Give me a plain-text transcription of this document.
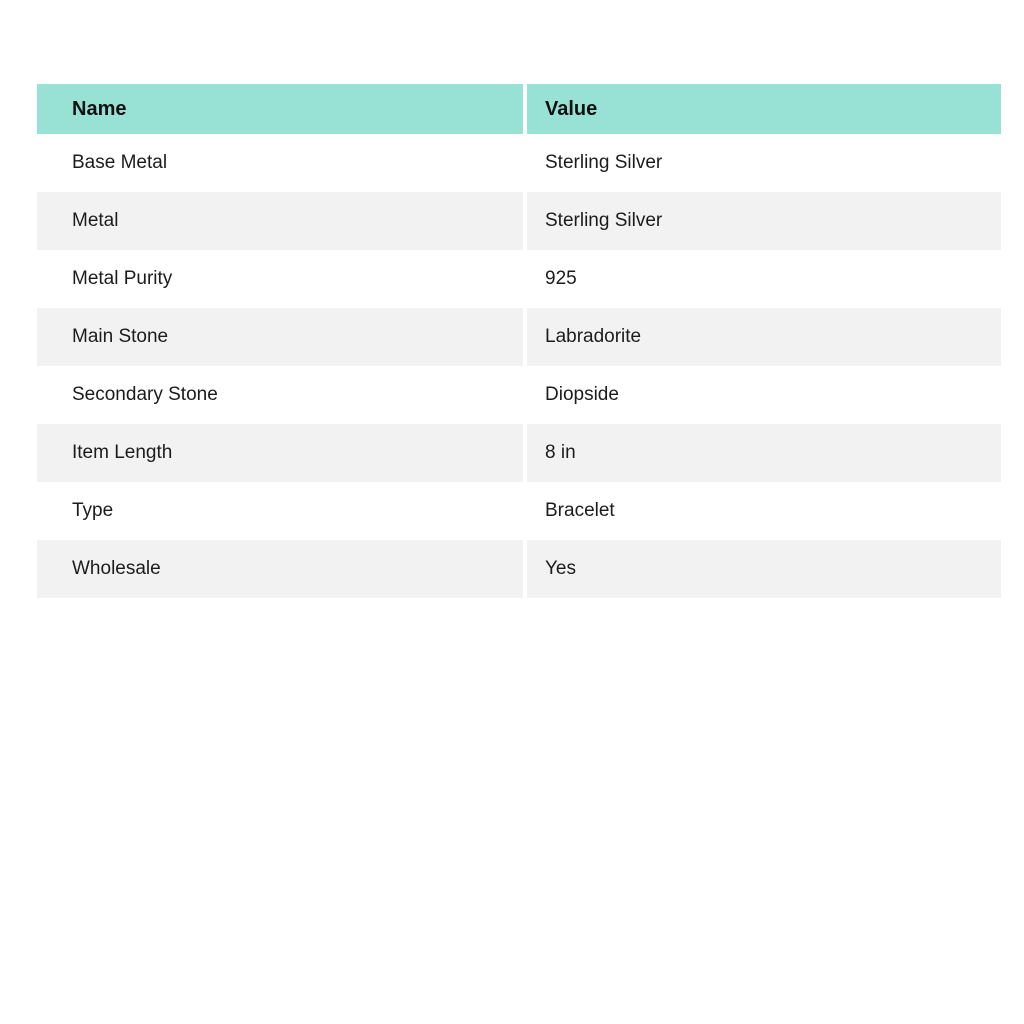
Name	Value
Base Metal	Sterling Silver
Metal	Sterling Silver
Metal Purity	925
Main Stone	Labradorite
Secondary Stone	Diopside
Item Length	8 in
Type	Bracelet
Wholesale	Yes
